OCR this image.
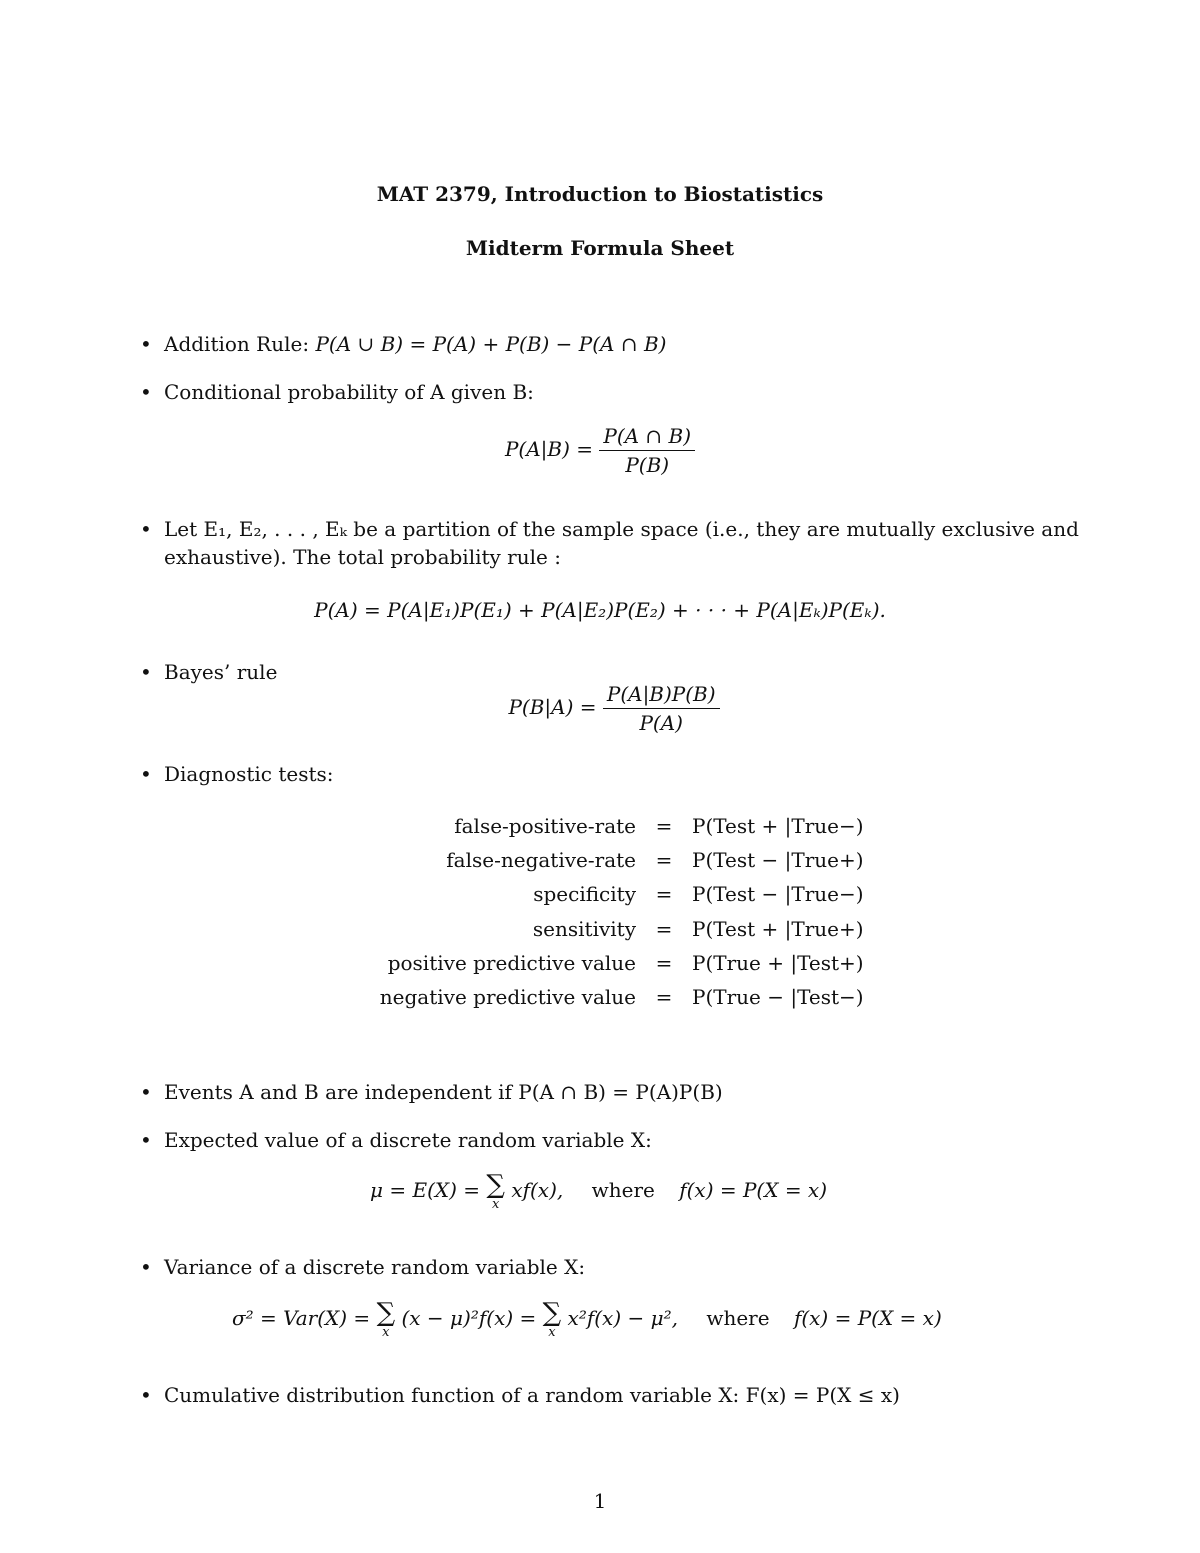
MAT 2379, Introduction to Biostatistics
Midterm Formula Sheet
• Addition Rule: P(A ∪ B) = P(A) + P(B) − P(A ∩ B)
• Conditional probability of A given B:
$P(A|B) = \frac{P(A \cap B)}{P(B)}$
• Let E₁, E₂, . . . , Eₖ be a partition of the sample space (i.e., they are mutually exclusive and
exhaustive). The total probability rule :
P(A) = P(A|E₁)P(E₁) + P(A|E₂)P(E₂) + · · · + P(A|Eₖ)P(Eₖ).
• Bayes’ rule
$P(B|A) = \frac{P(A|B)P(B)}{P(A)}$
• Diagnostic tests:
false-positive-rate = P(Test + |True−)
false-negative-rate = P(Test − |True+)
specificity = P(Test − |True−)
sensitivity = P(Test + |True+)
positive predictive value = P(True + |Test+)
negative predictive value = P(True − |Test−)
• Events A and B are independent if P(A ∩ B) = P(A)P(B)
• Expected value of a discrete random variable X:
μ = E(X) = ∑
x
xf(x), where f(x) = P(X = x)
• Variance of a discrete random variable X:
σ² = Var(X) = ∑
x
(x − μ)²f(x) = ∑
x
x²f(x) − μ², where f(x) = P(X = x)
• Cumulative distribution function of a random variable X: F(x) = P(X ≤ x)
1
